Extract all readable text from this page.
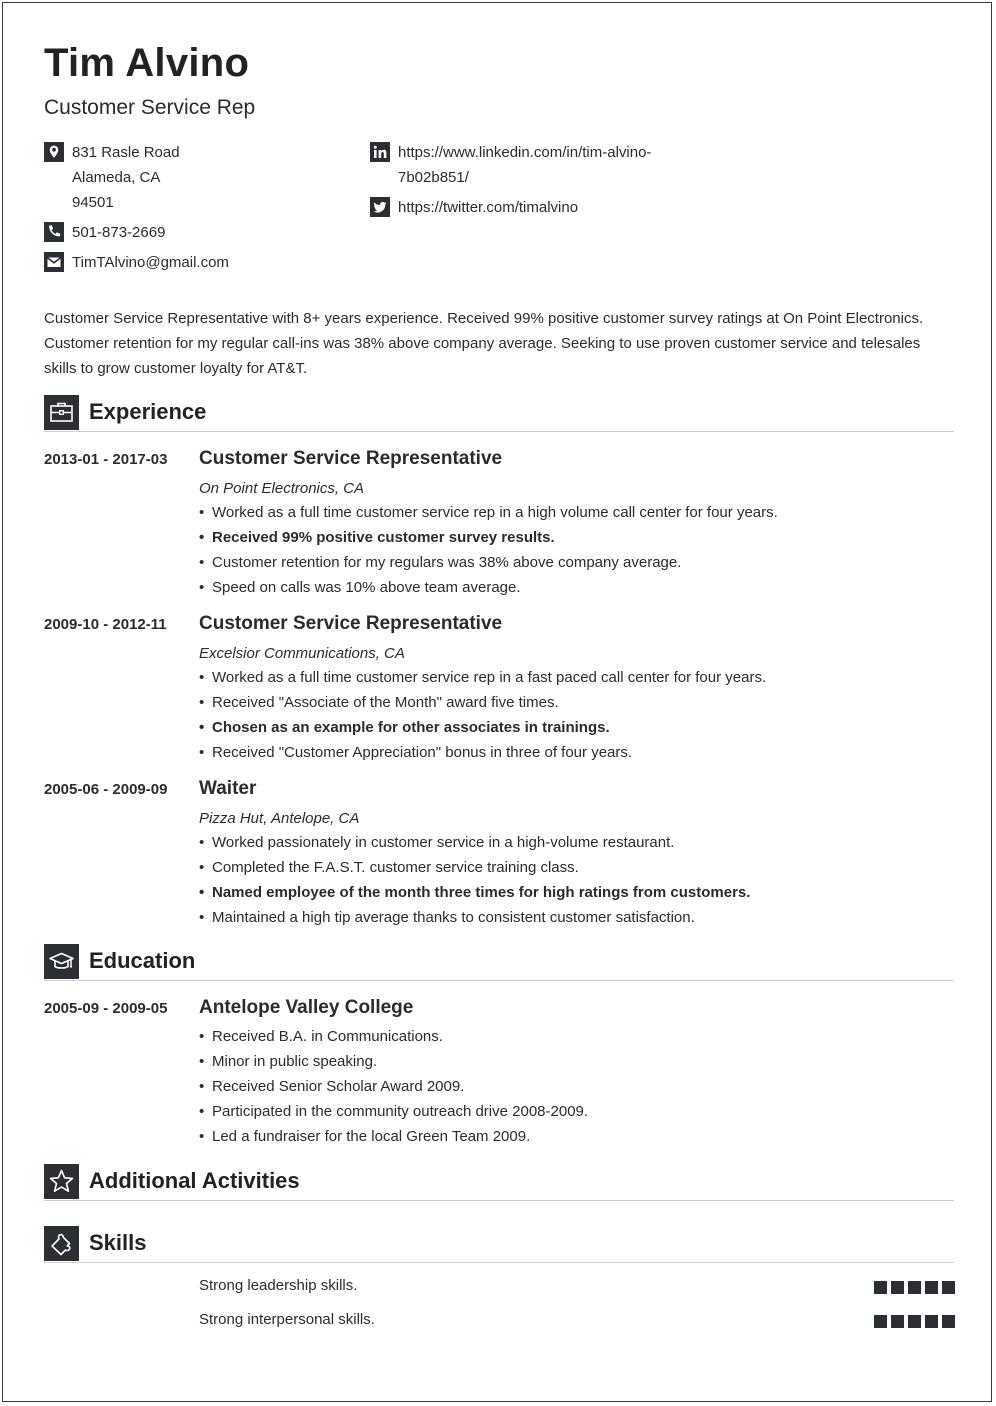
Tim Alvino
Customer Service Rep
831 Rasle Road
Alameda, CA
94501
501-873-2669
TimTAlvino@gmail.com
https://www.linkedin.com/in/tim-alvino-
7b02b851/
https://twitter.com/timalvino
Customer Service Representative with 8+ years experience. Received 99% positive customer survey ratings at On Point Electronics. Customer retention for my regular call-ins was 38% above company average. Seeking to use proven customer service and telesales skills to grow customer loyalty for AT&T.
Experience
2013-01 - 2017-03 Customer Service Representative
On Point Electronics, CA
• Worked as a full time customer service rep in a high volume call center for four years.
• Received 99% positive customer survey results.
• Customer retention for my regulars was 38% above company average.
• Speed on calls was 10% above team average.
2009-10 - 2012-11 Customer Service Representative
Excelsior Communications, CA
• Worked as a full time customer service rep in a fast paced call center for four years.
• Received "Associate of the Month" award five times.
• Chosen as an example for other associates in trainings.
• Received "Customer Appreciation" bonus in three of four years.
2005-06 - 2009-09 Waiter
Pizza Hut, Antelope, CA
• Worked passionately in customer service in a high-volume restaurant.
• Completed the F.A.S.T. customer service training class.
• Named employee of the month three times for high ratings from customers.
• Maintained a high tip average thanks to consistent customer satisfaction.
Education
2005-09 - 2009-05 Antelope Valley College
• Received B.A. in Communications.
• Minor in public speaking.
• Received Senior Scholar Award 2009.
• Participated in the community outreach drive 2008-2009.
• Led a fundraiser for the local Green Team 2009.
Additional Activities
Skills
Strong leadership skills.
Strong interpersonal skills.
